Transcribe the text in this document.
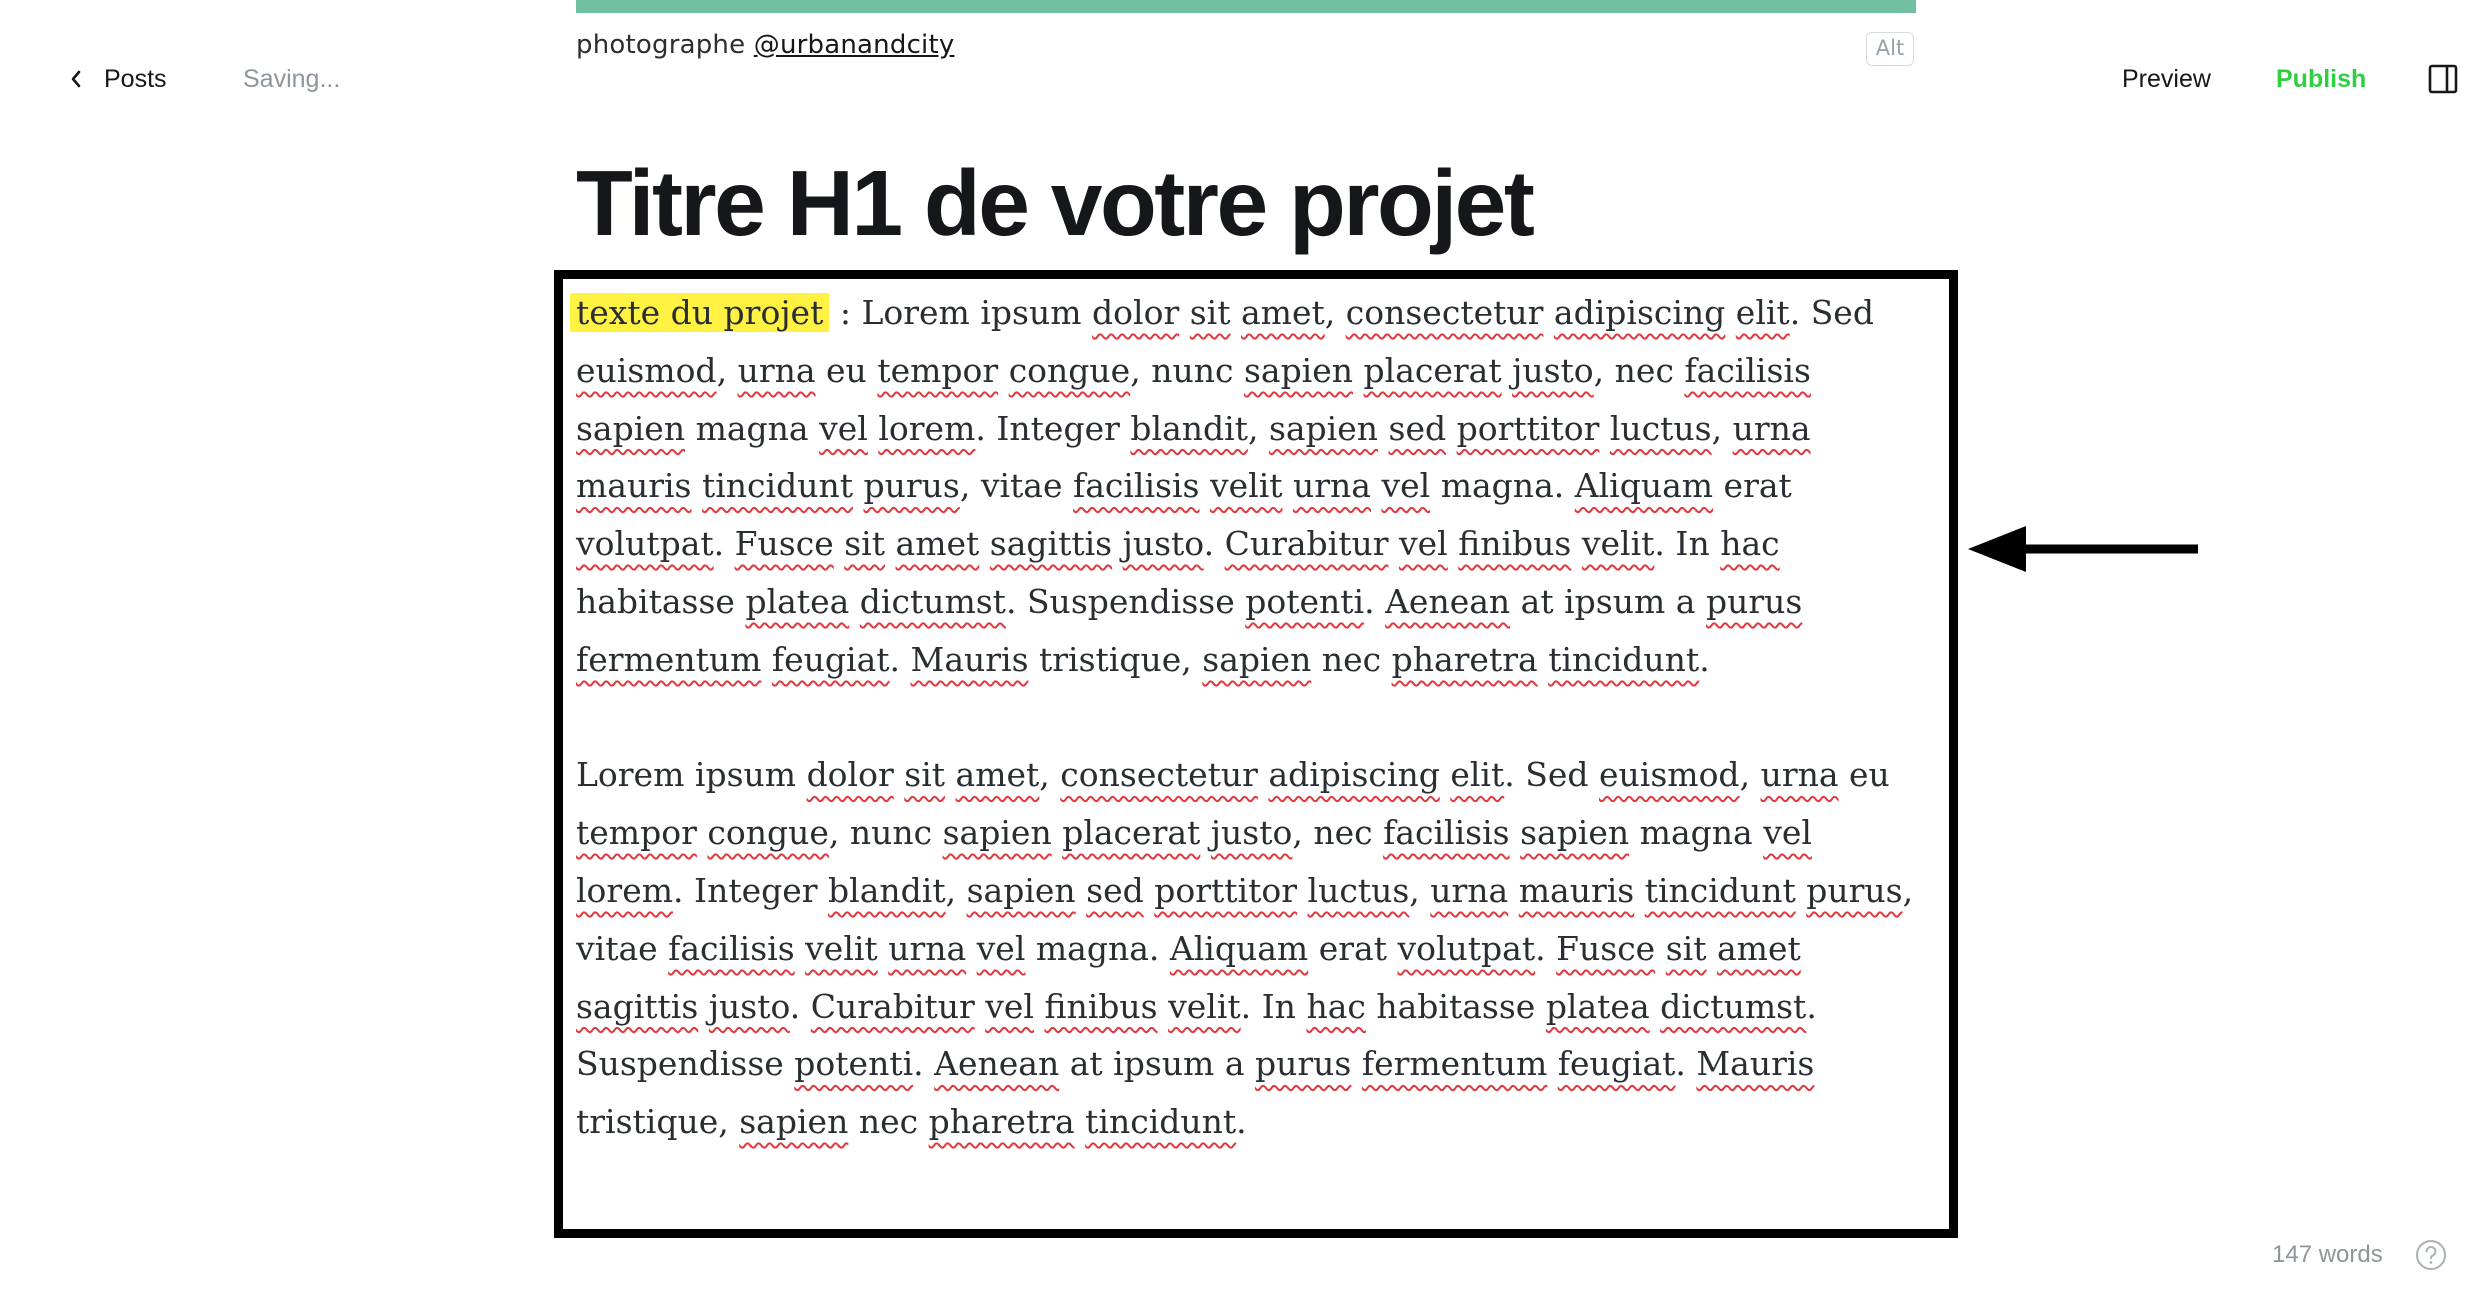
photographe @urbanandcity	Alt
Posts	Saving...	Preview	Publish
Titre H1 de votre projet

texte du projet : Lorem ipsum dolor sit amet, consectetur adipiscing elit. Sed euismod, urna eu tempor congue, nunc sapien placerat justo, nec facilisis sapien magna vel lorem. Integer blandit, sapien sed porttitor luctus, urna mauris tincidunt purus, vitae facilisis velit urna vel magna. Aliquam erat volutpat. Fusce sit amet sagittis justo. Curabitur vel finibus velit. In hac habitasse platea dictumst. Suspendisse potenti. Aenean at ipsum a purus fermentum feugiat. Mauris tristique, sapien nec pharetra tincidunt.

Lorem ipsum dolor sit amet, consectetur adipiscing elit. Sed euismod, urna eu tempor congue, nunc sapien placerat justo, nec facilisis sapien magna vel lorem. Integer blandit, sapien sed porttitor luctus, urna mauris tincidunt purus, vitae facilisis velit urna vel magna. Aliquam erat volutpat. Fusce sit amet sagittis justo. Curabitur vel finibus velit. In hac habitasse platea dictumst. Suspendisse potenti. Aenean at ipsum a purus fermentum feugiat. Mauris tristique, sapien nec pharetra tincidunt.

147 words
